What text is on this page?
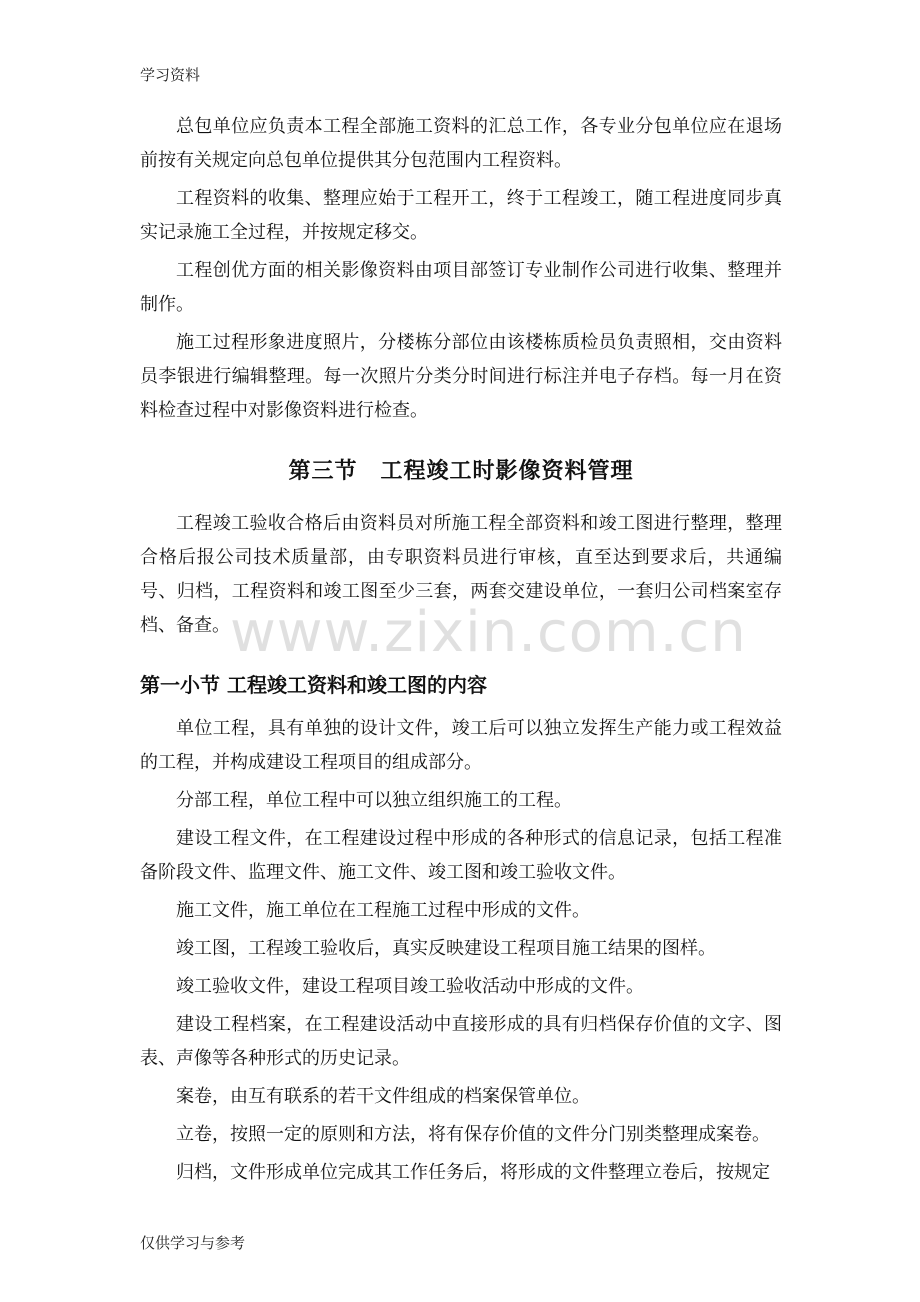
学习资料
www.zixin.com.cn

总包单位应负责本工程全部施工资料的汇总工作，各专业分包单位应在退场前按有关规定向总包单位提供其分包范围内工程资料。

工程资料的收集、整理应始于工程开工，终于工程竣工，随工程进度同步真实记录施工全过程，并按规定移交。

工程创优方面的相关影像资料由项目部签订专业制作公司进行收集、整理并制作。

施工过程形象进度照片，分楼栋分部位由该楼栋质检员负责照相，交由资料员李银进行编辑整理。每一次照片分类分时间进行标注并电子存档。每一月在资料检查过程中对影像资料进行检查。

第三节　工程竣工时影像资料管理

工程竣工验收合格后由资料员对所施工程全部资料和竣工图进行整理，整理合格后报公司技术质量部，由专职资料员进行审核，直至达到要求后，共通编号、归档，工程资料和竣工图至少三套，两套交建设单位，一套归公司档案室存档、备查。

第一小节 工程竣工资料和竣工图的内容

单位工程，具有单独的设计文件，竣工后可以独立发挥生产能力或工程效益的工程，并构成建设工程项目的组成部分。

分部工程，单位工程中可以独立组织施工的工程。

建设工程文件，在工程建设过程中形成的各种形式的信息记录，包括工程准备阶段文件、监理文件、施工文件、竣工图和竣工验收文件。

施工文件，施工单位在工程施工过程中形成的文件。

竣工图，工程竣工验收后，真实反映建设工程项目施工结果的图样。

竣工验收文件，建设工程项目竣工验收活动中形成的文件。

建设工程档案，在工程建设活动中直接形成的具有归档保存价值的文字、图表、声像等各种形式的历史记录。

案卷，由互有联系的若干文件组成的档案保管单位。

立卷，按照一定的原则和方法，将有保存价值的文件分门别类整理成案卷。

归档，文件形成单位完成其工作任务后，将形成的文件整理立卷后，按规定

仅供学习与参考
